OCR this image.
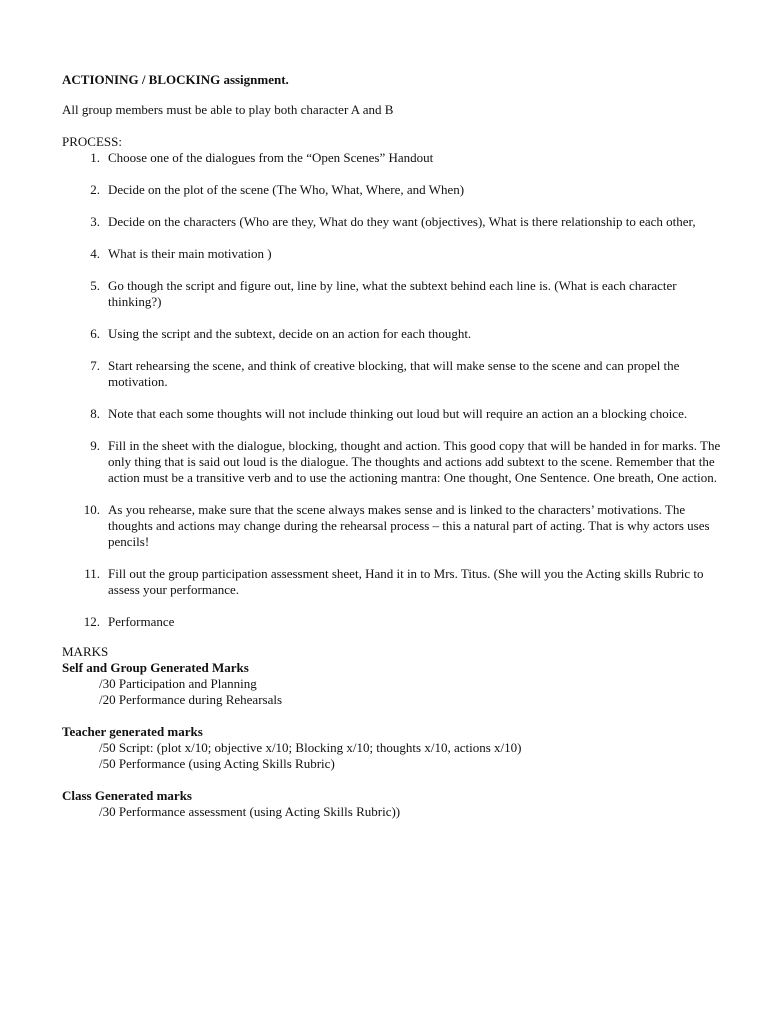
ACTIONING / BLOCKING assignment.

All group members must be able to play both character A and B
PROCESS:
1. Choose one of the dialogues from the “Open Scenes” Handout
2. Decide on the plot of the scene (The Who, What, Where, and When)
3. Decide on the characters (Who are they, What do they want (objectives), What is there relationship to each other,
4. What is their main motivation )
5. Go though the script and figure out, line by line, what the subtext behind each line is. (What is each character thinking?)
6. Using the script and the subtext, decide on an action for each thought.
7. Start rehearsing the scene, and think of creative blocking, that will make sense to the scene and can propel the motivation.
8. Note that each some thoughts will not include thinking out loud but will require an action an a blocking choice.
9. Fill in the sheet with the dialogue, blocking, thought and action. This good copy that will be handed in for marks. The only thing that is said out loud is the dialogue. The thoughts and actions add subtext to the scene. Remember that the action must be a transitive verb and to use the actioning mantra: One thought, One Sentence. One breath, One action.
10. As you rehearse, make sure that the scene always makes sense and is linked to the characters’ motivations. The thoughts and actions may change during the rehearsal process – this a natural part of acting. That is why actors uses pencils!
11. Fill out the group participation assessment sheet, Hand it in to Mrs. Titus. (She will you the Acting skills Rubric to assess your performance.
12. Performance
MARKS
Self and Group Generated Marks
/30 Participation and Planning
/20 Performance during Rehearsals
Teacher generated marks
/50 Script: (plot x/10; objective x/10; Blocking x/10; thoughts x/10, actions x/10)
/50 Performance (using Acting Skills Rubric)
Class Generated marks
/30 Performance assessment (using Acting Skills Rubric))
